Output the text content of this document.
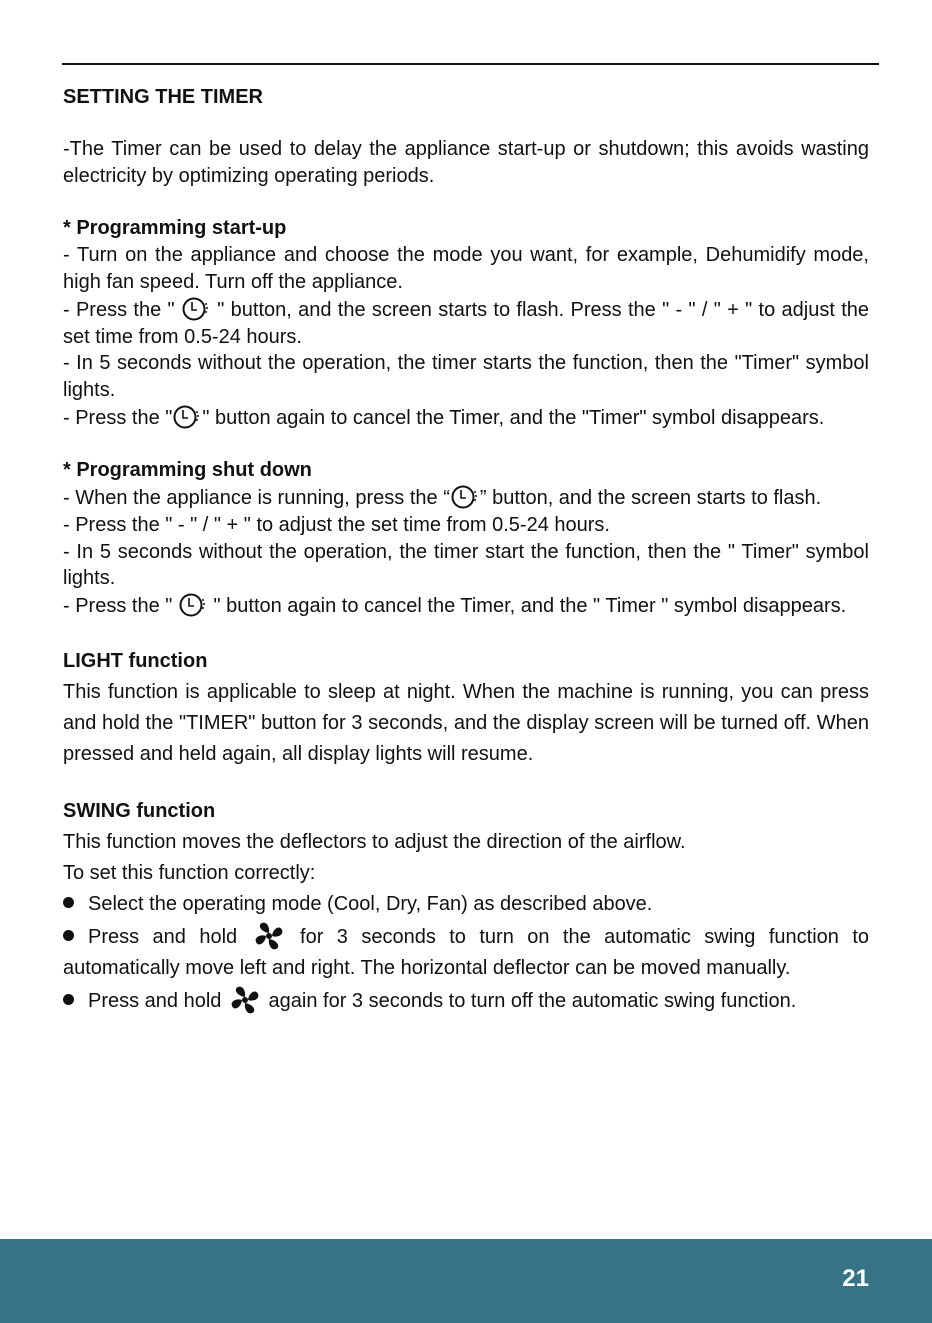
SETTING THE TIMER

-The Timer can be used to delay the appliance start-up or shutdown; this avoids wasting electricity by optimizing operating periods.

* Programming start-up

- Turn on the appliance and choose the mode you want, for example, Dehumidify mode, high fan speed. Turn off the appliance.

- Press the "  " button, and the screen starts to flash. Press the " - " / " + " to adjust the set time from 0.5-24 hours.

- In 5 seconds without the operation, the timer starts the function, then the "Timer" symbol lights.

- Press the " " button again to cancel the Timer, and the "Timer" symbol disappears.

* Programming shut down

- When the appliance is running, press the “ ” button, and the screen starts to flash.

- Press the " - " / " + " to adjust the set time from 0.5-24 hours.

- In 5 seconds without the operation, the timer start the function, then the " Timer" symbol lights.

- Press the "  " button again to cancel the Timer, and the " Timer " symbol disappears.

LIGHT function

This function is applicable to sleep at night. When the machine is running, you can press and hold the "TIMER" button for 3 seconds, and the display screen will be turned off. When pressed and held again, all display lights will resume.

SWING function

This function moves the deflectors to adjust the direction of the airflow.

To set this function correctly:

Select the operating mode (Cool, Dry, Fan) as described above.

Press and hold  for 3 seconds to turn on the automatic swing function to automatically move left and right. The horizontal deflector can be moved manually.

Press and hold  again for 3 seconds to turn off the automatic swing function.

21
